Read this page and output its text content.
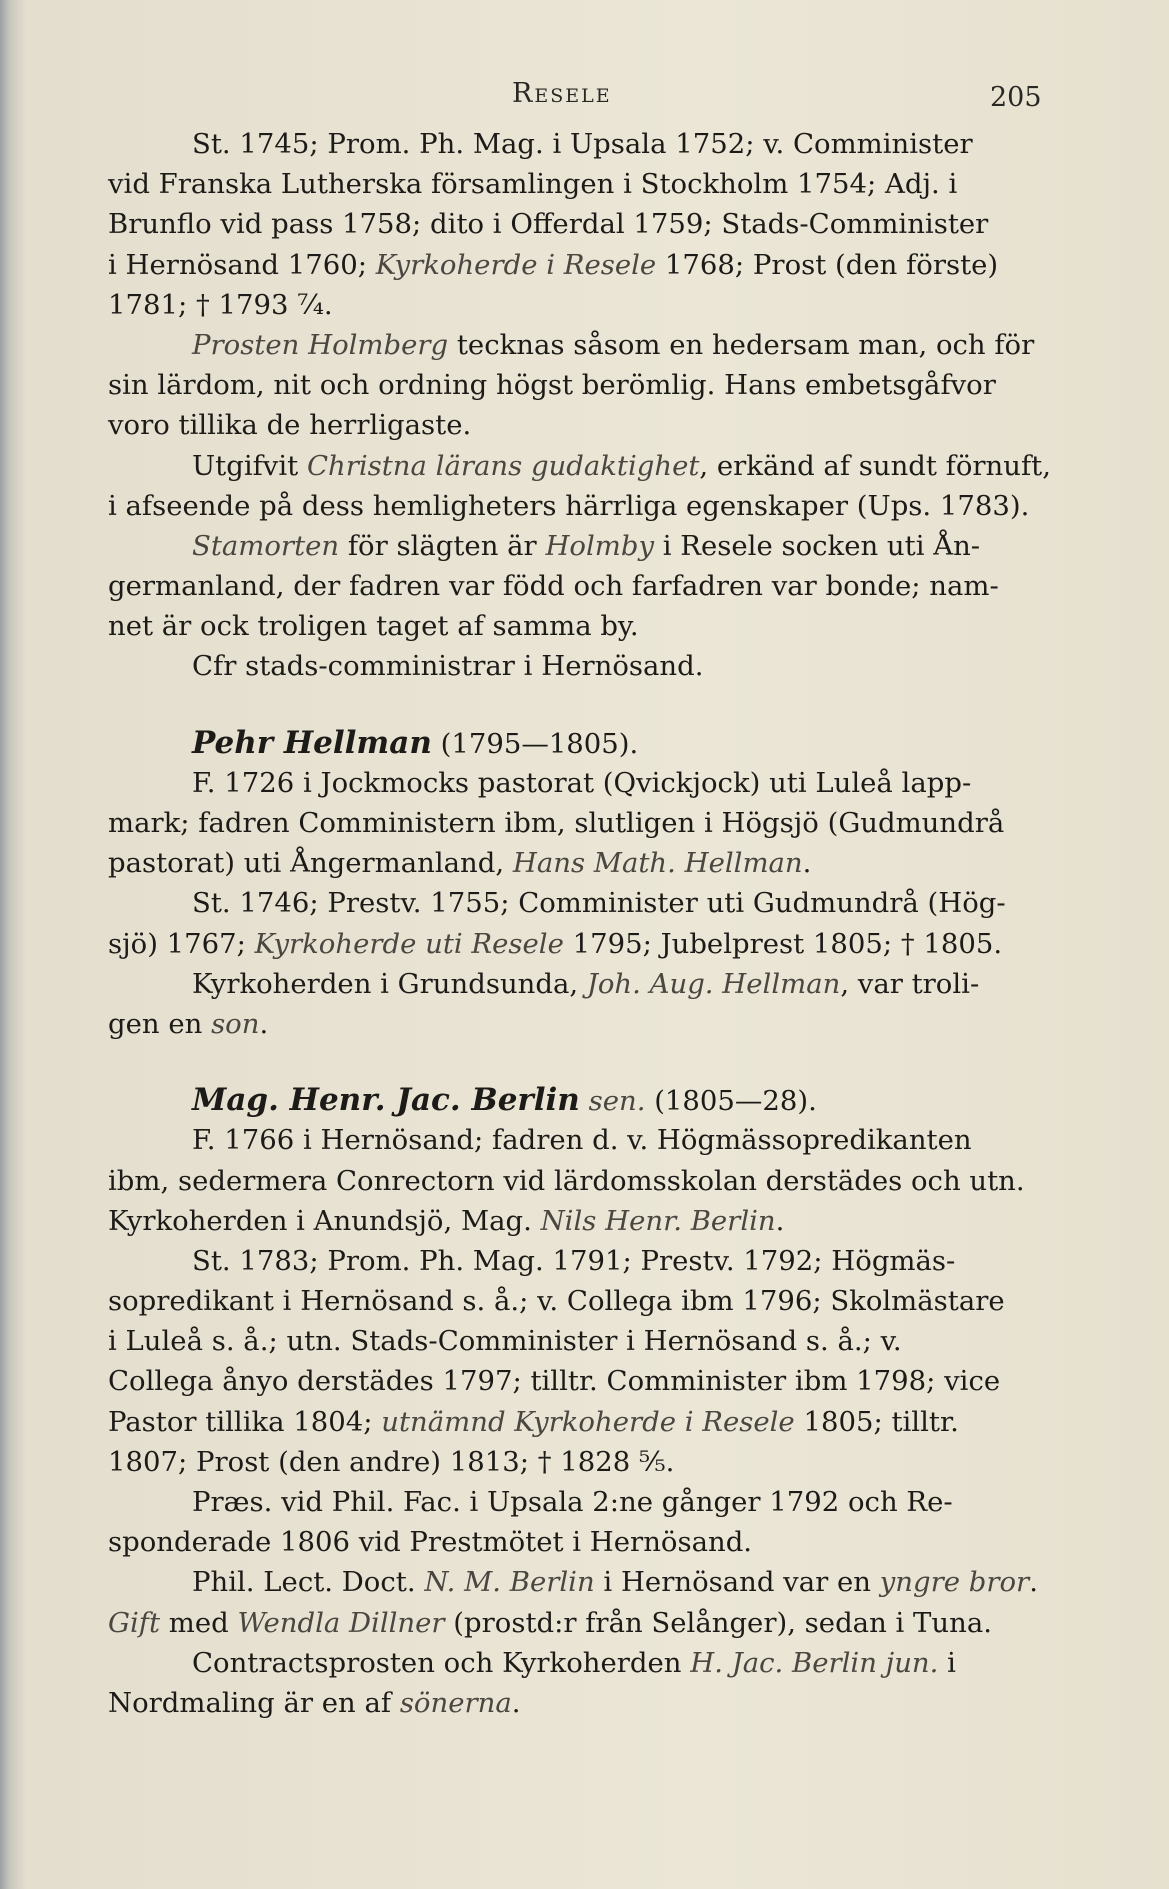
Resele	205
St. 1745; Prom. Ph. Mag. i Upsala 1752; v. Comminister
vid Franska Lutherska församlingen i Stockholm 1754; Adj. i
Brunflo vid pass 1758; dito i Offerdal 1759; Stads-Comminister
i Hernösand 1760; Kyrkoherde i Resele 1768; Prost (den förste)
1781; † 1793 ⁷⁄₄.
Prosten Holmberg tecknas såsom en hedersam man, och för
sin lärdom, nit och ordning högst berömlig. Hans embetsgåfvor
voro tillika de herrligaste.
Utgifvit Christna lärans gudaktighet, erkänd af sundt förnuft,
i afseende på dess hemligheters härrliga egenskaper (Ups. 1783).
Stamorten för slägten är Holmby i Resele socken uti Ån-
germanland, der fadren var född och farfadren var bonde; nam-
net är ock troligen taget af samma by.
Cfr stads-comministrar i Hernösand.
Pehr Hellman (1795—1805).
F. 1726 i Jockmocks pastorat (Qvickjock) uti Luleå lapp-
mark; fadren Comministern ibm, slutligen i Högsjö (Gudmundrå
pastorat) uti Ångermanland, Hans Math. Hellman.
St. 1746; Prestv. 1755; Comminister uti Gudmundrå (Hög-
sjö) 1767; Kyrkoherde uti Resele 1795; Jubelprest 1805; † 1805.
Kyrkoherden i Grundsunda, Joh. Aug. Hellman, var troli-
gen en son.
Mag. Henr. Jac. Berlin sen. (1805—28).
F. 1766 i Hernösand; fadren d. v. Högmässopredikanten
ibm, sedermera Conrectorn vid lärdomsskolan derstädes och utn.
Kyrkoherden i Anundsjö, Mag. Nils Henr. Berlin.
St. 1783; Prom. Ph. Mag. 1791; Prestv. 1792; Högmäs-
sopredikant i Hernösand s. å.; v. Collega ibm 1796; Skolmästare
i Luleå s. å.; utn. Stads-Comminister i Hernösand s. å.; v.
Collega ånyo derstädes 1797; tilltr. Comminister ibm 1798; vice
Pastor tillika 1804; utnämnd Kyrkoherde i Resele 1805; tilltr.
1807; Prost (den andre) 1813; † 1828 ⁵⁄₅.
Præs. vid Phil. Fac. i Upsala 2:ne gånger 1792 och Re-
sponderade 1806 vid Prestmötet i Hernösand.
Phil. Lect. Doct. N. M. Berlin i Hernösand var en yngre bror.
Gift med Wendla Dillner (prostd:r från Selånger), sedan i Tuna.
Contractsprosten och Kyrkoherden H. Jac. Berlin jun. i
Nordmaling är en af sönerna.
